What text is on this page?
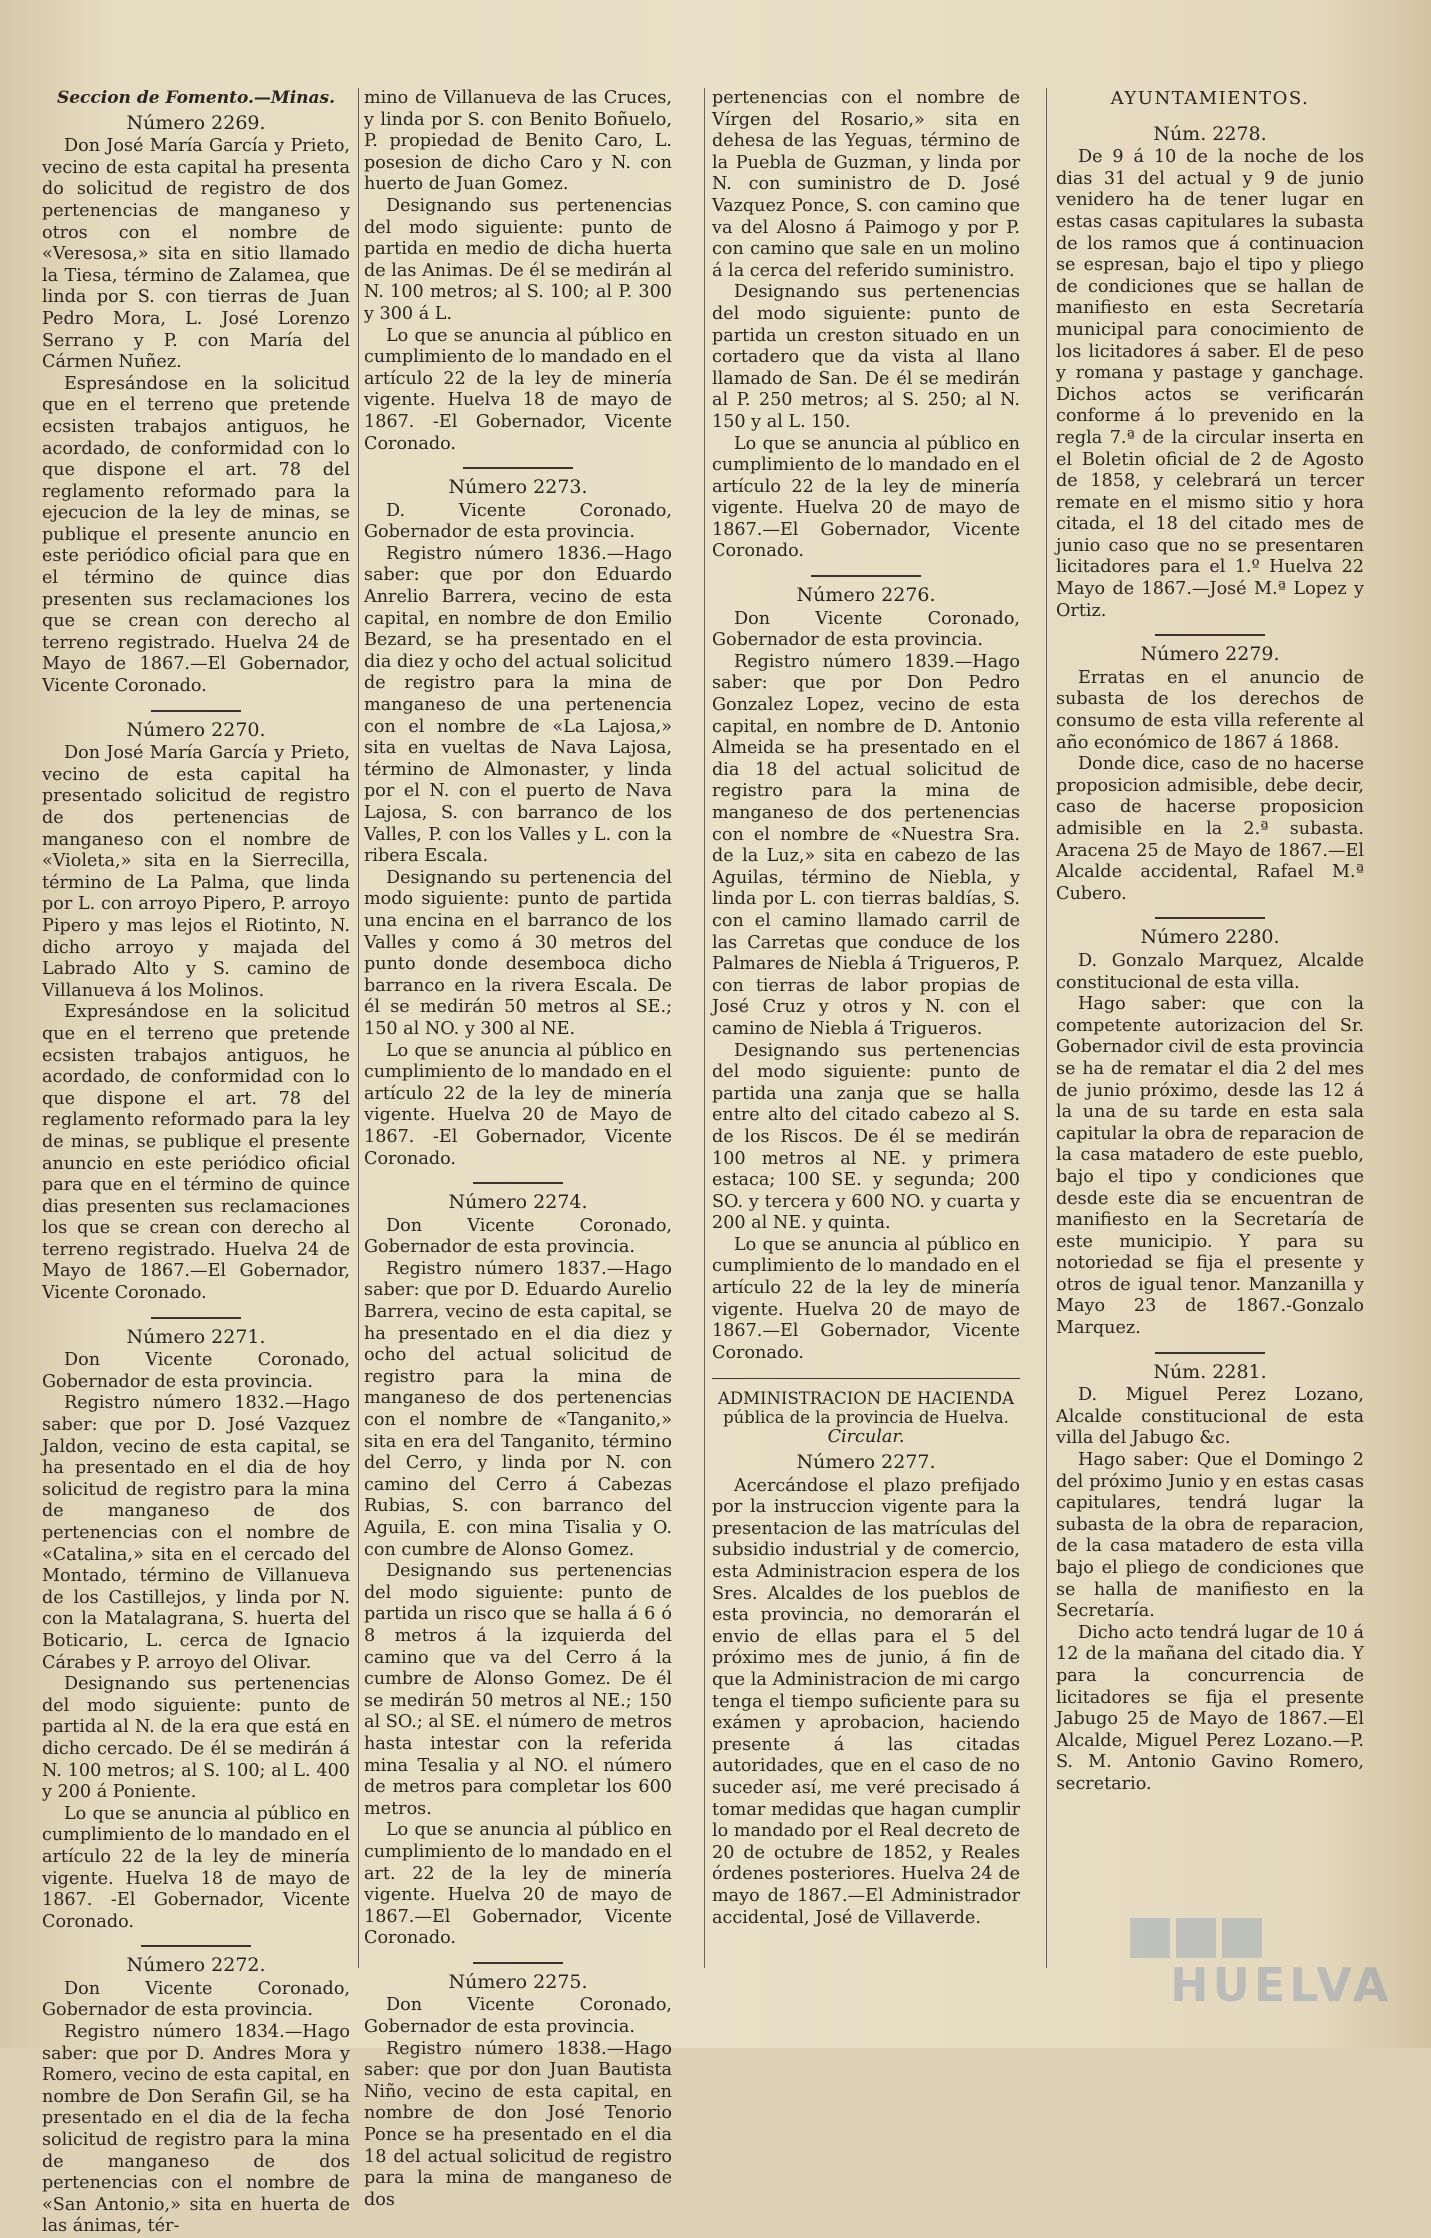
Seccion de Fomento.—Minas.
Número 2269.

Don José María García y Prieto, vecino de esta capital ha presenta do solicitud de registro de dos pertenencias de manganeso y otros con el nombre de «Veresosa,» sita en sitio llamado la Tiesa, término de Zalamea, que linda por S. con tierras de Juan Pedro Mora, L. José Lorenzo Serrano y P. con María del Cármen Nuñez.

Espresándose en la solicitud que en el terreno que pretende ecsisten trabajos antiguos, he acordado, de conformidad con lo que dispone el art. 78 del reglamento reformado para la ejecucion de la ley de minas, se publique el presente anuncio en este periódico oficial para que en el término de quince dias presenten sus reclamaciones los que se crean con derecho al terreno registrado. Huelva 24 de Mayo de 1867.—El Gobernador, Vicente Coronado.

Número 2270.

Don José María García y Prieto, vecino de esta capital ha presentado solicitud de registro de dos pertenencias de manganeso con el nombre de «Violeta,» sita en la Sierrecilla, término de La Palma, que linda por L. con arroyo Pipero, P. arroyo Pipero y mas lejos el Riotinto, N. dicho arroyo y majada del Labrado Alto y S. camino de Villanueva á los Molinos.

Expresándose en la solicitud que en el terreno que pretende ecsisten trabajos antiguos, he acordado, de conformidad con lo que dispone el art. 78 del reglamento reformado para la ley de minas, se publique el presente anuncio en este periódico oficial para que en el término de quince dias presenten sus reclamaciones los que se crean con derecho al terreno registrado. Huelva 24 de Mayo de 1867.—El Gobernador, Vicente Coronado.

Número 2271.

Don Vicente Coronado, Gobernador de esta provincia.

Registro número 1832.—Hago saber: que por D. José Vazquez Jaldon, vecino de esta capital, se ha presentado en el dia de hoy solicitud de registro para la mina de manganeso de dos pertenencias con el nombre de «Catalina,» sita en el cercado del Montado, término de Villanueva de los Castillejos, y linda por N. con la Matalagrana, S. huerta del Boticario, L. cerca de Ignacio Cárabes y P. arroyo del Olivar.

Designando sus pertenencias del modo siguiente: punto de partida al N. de la era que está en dicho cercado. De él se medirán á N. 100 metros; al S. 100; al L. 400 y 200 á Poniente.

Lo que se anuncia al público en cumplimiento de lo mandado en el artículo 22 de la ley de minería vigente. Huelva 18 de mayo de 1867. -El Gobernador, Vicente Coronado.

Número 2272.

Don Vicente Coronado, Gobernador de esta provincia.

Registro número 1834.—Hago saber: que por D. Andres Mora y Romero, vecino de esta capital, en nombre de Don Serafin Gil, se ha presentado en el dia de la fecha solicitud de registro para la mina de manganeso de dos pertenencias con el nombre de «San Antonio,» sita en huerta de las ánimas, tér-

mino de Villanueva de las Cruces, y linda por S. con Benito Boñuelo, P. propiedad de Benito Caro, L. posesion de dicho Caro y N. con huerto de Juan Gomez.

Designando sus pertenencias del modo siguiente: punto de partida en medio de dicha huerta de las Animas. De él se medirán al N. 100 metros; al S. 100; al P. 300 y 300 á L.

Lo que se anuncia al público en cumplimiento de lo mandado en el artículo 22 de la ley de minería vigente. Huelva 18 de mayo de 1867. -El Gobernador, Vicente Coronado.

Número 2273.

D. Vicente Coronado, Gobernador de esta provincia.

Registro número 1836.—Hago saber: que por don Eduardo Anrelio Barrera, vecino de esta capital, en nombre de don Emilio Bezard, se ha presentado en el dia diez y ocho del actual solicitud de registro para la mina de manganeso de una pertenencia con el nombre de «La Lajosa,» sita en vueltas de Nava Lajosa, término de Almonaster, y linda por el N. con el puerto de Nava Lajosa, S. con barranco de los Valles, P. con los Valles y L. con la ribera Escala.

Designando su pertenencia del modo siguiente: punto de partida una encina en el barranco de los Valles y como á 30 metros del punto donde desemboca dicho barranco en la rivera Escala. De él se medirán 50 metros al SE.; 150 al NO. y 300 al NE.

Lo que se anuncia al público en cumplimiento de lo mandado en el artículo 22 de la ley de minería vigente. Huelva 20 de Mayo de 1867. -El Gobernador, Vicente Coronado.

Número 2274.

Don Vicente Coronado, Gobernador de esta provincia.

Registro número 1837.—Hago saber: que por D. Eduardo Aurelio Barrera, vecino de esta capital, se ha presentado en el dia diez y ocho del actual solicitud de registro para la mina de manganeso de dos pertenencias con el nombre de «Tanganito,» sita en era del Tanganito, término del Cerro, y linda por N. con camino del Cerro á Cabezas Rubias, S. con barranco del Aguila, E. con mina Tisalia y O. con cumbre de Alonso Gomez.

Designando sus pertenencias del modo siguiente: punto de partida un risco que se halla á 6 ó 8 metros á la izquierda del camino que va del Cerro á la cumbre de Alonso Gomez. De él se medirán 50 metros al NE.; 150 al SO.; al SE. el número de metros hasta intestar con la referida mina Tesalia y al NO. el número de metros para completar los 600 metros.

Lo que se anuncia al público en cumplimiento de lo mandado en el art. 22 de la ley de minería vigente. Huelva 20 de mayo de 1867.—El Gobernador, Vicente Coronado.

Número 2275.

Don Vicente Coronado, Gobernador de esta provincia.

Registro número 1838.—Hago saber: que por don Juan Bautista Niño, vecino de esta capital, en nombre de don José Tenorio Ponce se ha presentado en el dia 18 del actual solicitud de registro para la mina de manganeso de dos

pertenencias con el nombre de Vírgen del Rosario,» sita en dehesa de las Yeguas, término de la Puebla de Guzman, y linda por N. con suministro de D. José Vazquez Ponce, S. con camino que va del Alosno á Paimogo y por P. con camino que sale en un molino á la cerca del referido suministro.

Designando sus pertenencias del modo siguiente: punto de partida un creston situado en un cortadero que da vista al llano llamado de San. De él se medirán al P. 250 metros; al S. 250; al N. 150 y al L. 150.

Lo que se anuncia al público en cumplimiento de lo mandado en el artículo 22 de la ley de minería vigente. Huelva 20 de mayo de 1867.—El Gobernador, Vicente Coronado.

Número 2276.

Don Vicente Coronado, Gobernador de esta provincia.

Registro número 1839.—Hago saber: que por Don Pedro Gonzalez Lopez, vecino de esta capital, en nombre de D. Antonio Almeida se ha presentado en el dia 18 del actual solicitud de registro para la mina de manganeso de dos pertenencias con el nombre de «Nuestra Sra. de la Luz,» sita en cabezo de las Aguilas, término de Niebla, y linda por L. con tierras baldías, S. con el camino llamado carril de las Carretas que conduce de los Palmares de Niebla á Trigueros, P. con tierras de labor propias de José Cruz y otros y N. con el camino de Niebla á Trigueros.

Designando sus pertenencias del modo siguiente: punto de partida una zanja que se halla entre alto del citado cabezo al S. de los Riscos. De él se medirán 100 metros al NE. y primera estaca; 100 SE. y segunda; 200 SO. y tercera y 600 NO. y cuarta y 200 al NE. y quinta.

Lo que se anuncia al público en cumplimiento de lo mandado en el artículo 22 de la ley de minería vigente. Huelva 20 de mayo de 1867.—El Gobernador, Vicente Coronado.

ADMINISTRACION DE HACIENDA
pública de la provincia de Huelva.
Circular.
Número 2277.

Acercándose el plazo prefijado por la instruccion vigente para la presentacion de las matrículas del subsidio industrial y de comercio, esta Administracion espera de los Sres. Alcaldes de los pueblos de esta provincia, no demorarán el envio de ellas para el 5 del próximo mes de junio, á fin de que la Administracion de mi cargo tenga el tiempo suficiente para su exámen y aprobacion, haciendo presente á las citadas autoridades, que en el caso de no suceder así, me veré precisado á tomar medidas que hagan cumplir lo mandado por el Real decreto de 20 de octubre de 1852, y Reales órdenes posteriores. Huelva 24 de mayo de 1867.—El Administrador accidental, José de Villaverde.

AYUNTAMIENTOS.
Núm. 2278.

De 9 á 10 de la noche de los dias 31 del actual y 9 de junio venidero ha de tener lugar en estas casas capitulares la subasta de los ramos que á continuacion se espresan, bajo el tipo y pliego de condiciones que se hallan de manifiesto en esta Secretaría municipal para conocimiento de los licitadores á saber. El de peso y romana y pastage y ganchage. Dichos actos se verificarán conforme á lo prevenido en la regla 7.ª de la circular inserta en el Boletin oficial de 2 de Agosto de 1858, y celebrará un tercer remate en el mismo sitio y hora citada, el 18 del citado mes de junio caso que no se presentaren licitadores para el 1.º Huelva 22 Mayo de 1867.—José M.ª Lopez y Ortiz.

Número 2279.

Erratas en el anuncio de subasta de los derechos de consumo de esta villa referente al año económico de 1867 á 1868.

Donde dice, caso de no hacerse proposicion admisible, debe decir, caso de hacerse proposicion admisible en la 2.ª subasta. Aracena 25 de Mayo de 1867.—El Alcalde accidental, Rafael M.ª Cubero.

Número 2280.

D. Gonzalo Marquez, Alcalde constitucional de esta villa.

Hago saber: que con la competente autorizacion del Sr. Gobernador civil de esta provincia se ha de rematar el dia 2 del mes de junio próximo, desde las 12 á la una de su tarde en esta sala capitular la obra de reparacion de la casa matadero de este pueblo, bajo el tipo y condiciones que desde este dia se encuentran de manifiesto en la Secretaría de este municipio. Y para su notoriedad se fija el presente y otros de igual tenor. Manzanilla y Mayo 23 de 1867.-Gonzalo Marquez.

Núm. 2281.

D. Miguel Perez Lozano, Alcalde constitucional de esta villa del Jabugo &c.

Hago saber: Que el Domingo 2 del próximo Junio y en estas casas capitulares, tendrá lugar la subasta de la obra de reparacion, de la casa matadero de esta villa bajo el pliego de condiciones que se halla de manifiesto en la Secretaría.

Dicho acto tendrá lugar de 10 á 12 de la mañana del citado dia. Y para la concurrencia de licitadores se fija el presente Jabugo 25 de Mayo de 1867.—El Alcalde, Miguel Perez Lozano.—P. S. M. Antonio Gavino Romero, secretario.

HUELVA
